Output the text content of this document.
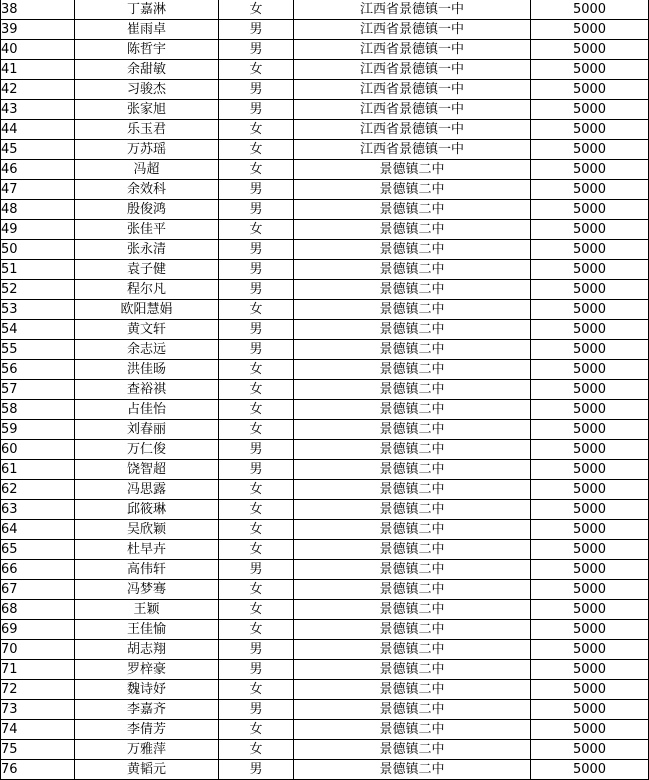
38	丁嘉淋	女	江西省景德镇一中	5000
39	崔雨卓	男	江西省景德镇一中	5000
40	陈哲宇	男	江西省景德镇一中	5000
41	余甜敏	女	江西省景德镇一中	5000
42	习骏杰	男	江西省景德镇一中	5000
43	张家旭	男	江西省景德镇一中	5000
44	乐玉君	女	江西省景德镇一中	5000
45	万苏瑶	女	江西省景德镇一中	5000
46	冯超	女	景德镇二中	5000
47	余效科	男	景德镇二中	5000
48	殷俊鸿	男	景德镇二中	5000
49	张佳平	女	景德镇二中	5000
50	张永清	男	景德镇二中	5000
51	袁子健	男	景德镇二中	5000
52	程尔凡	男	景德镇二中	5000
53	欧阳慧娟	女	景德镇二中	5000
54	黄文轩	男	景德镇二中	5000
55	余志远	男	景德镇二中	5000
56	洪佳旸	女	景德镇二中	5000
57	查裕祺	女	景德镇二中	5000
58	占佳怡	女	景德镇二中	5000
59	刘春丽	女	景德镇二中	5000
60	万仁俊	男	景德镇二中	5000
61	饶智超	男	景德镇二中	5000
62	冯思露	女	景德镇二中	5000
63	邱筱琳	女	景德镇二中	5000
64	吴欣颖	女	景德镇二中	5000
65	杜早卉	女	景德镇二中	5000
66	高伟轩	男	景德镇二中	5000
67	冯梦骞	女	景德镇二中	5000
68	王颖	女	景德镇二中	5000
69	王佳愉	女	景德镇二中	5000
70	胡志翔	男	景德镇二中	5000
71	罗梓豪	男	景德镇二中	5000
72	魏诗妤	女	景德镇二中	5000
73	李嘉齐	男	景德镇二中	5000
74	李倩芳	女	景德镇二中	5000
75	万雅萍	女	景德镇二中	5000
76	黄韬元	男	景德镇二中	5000
